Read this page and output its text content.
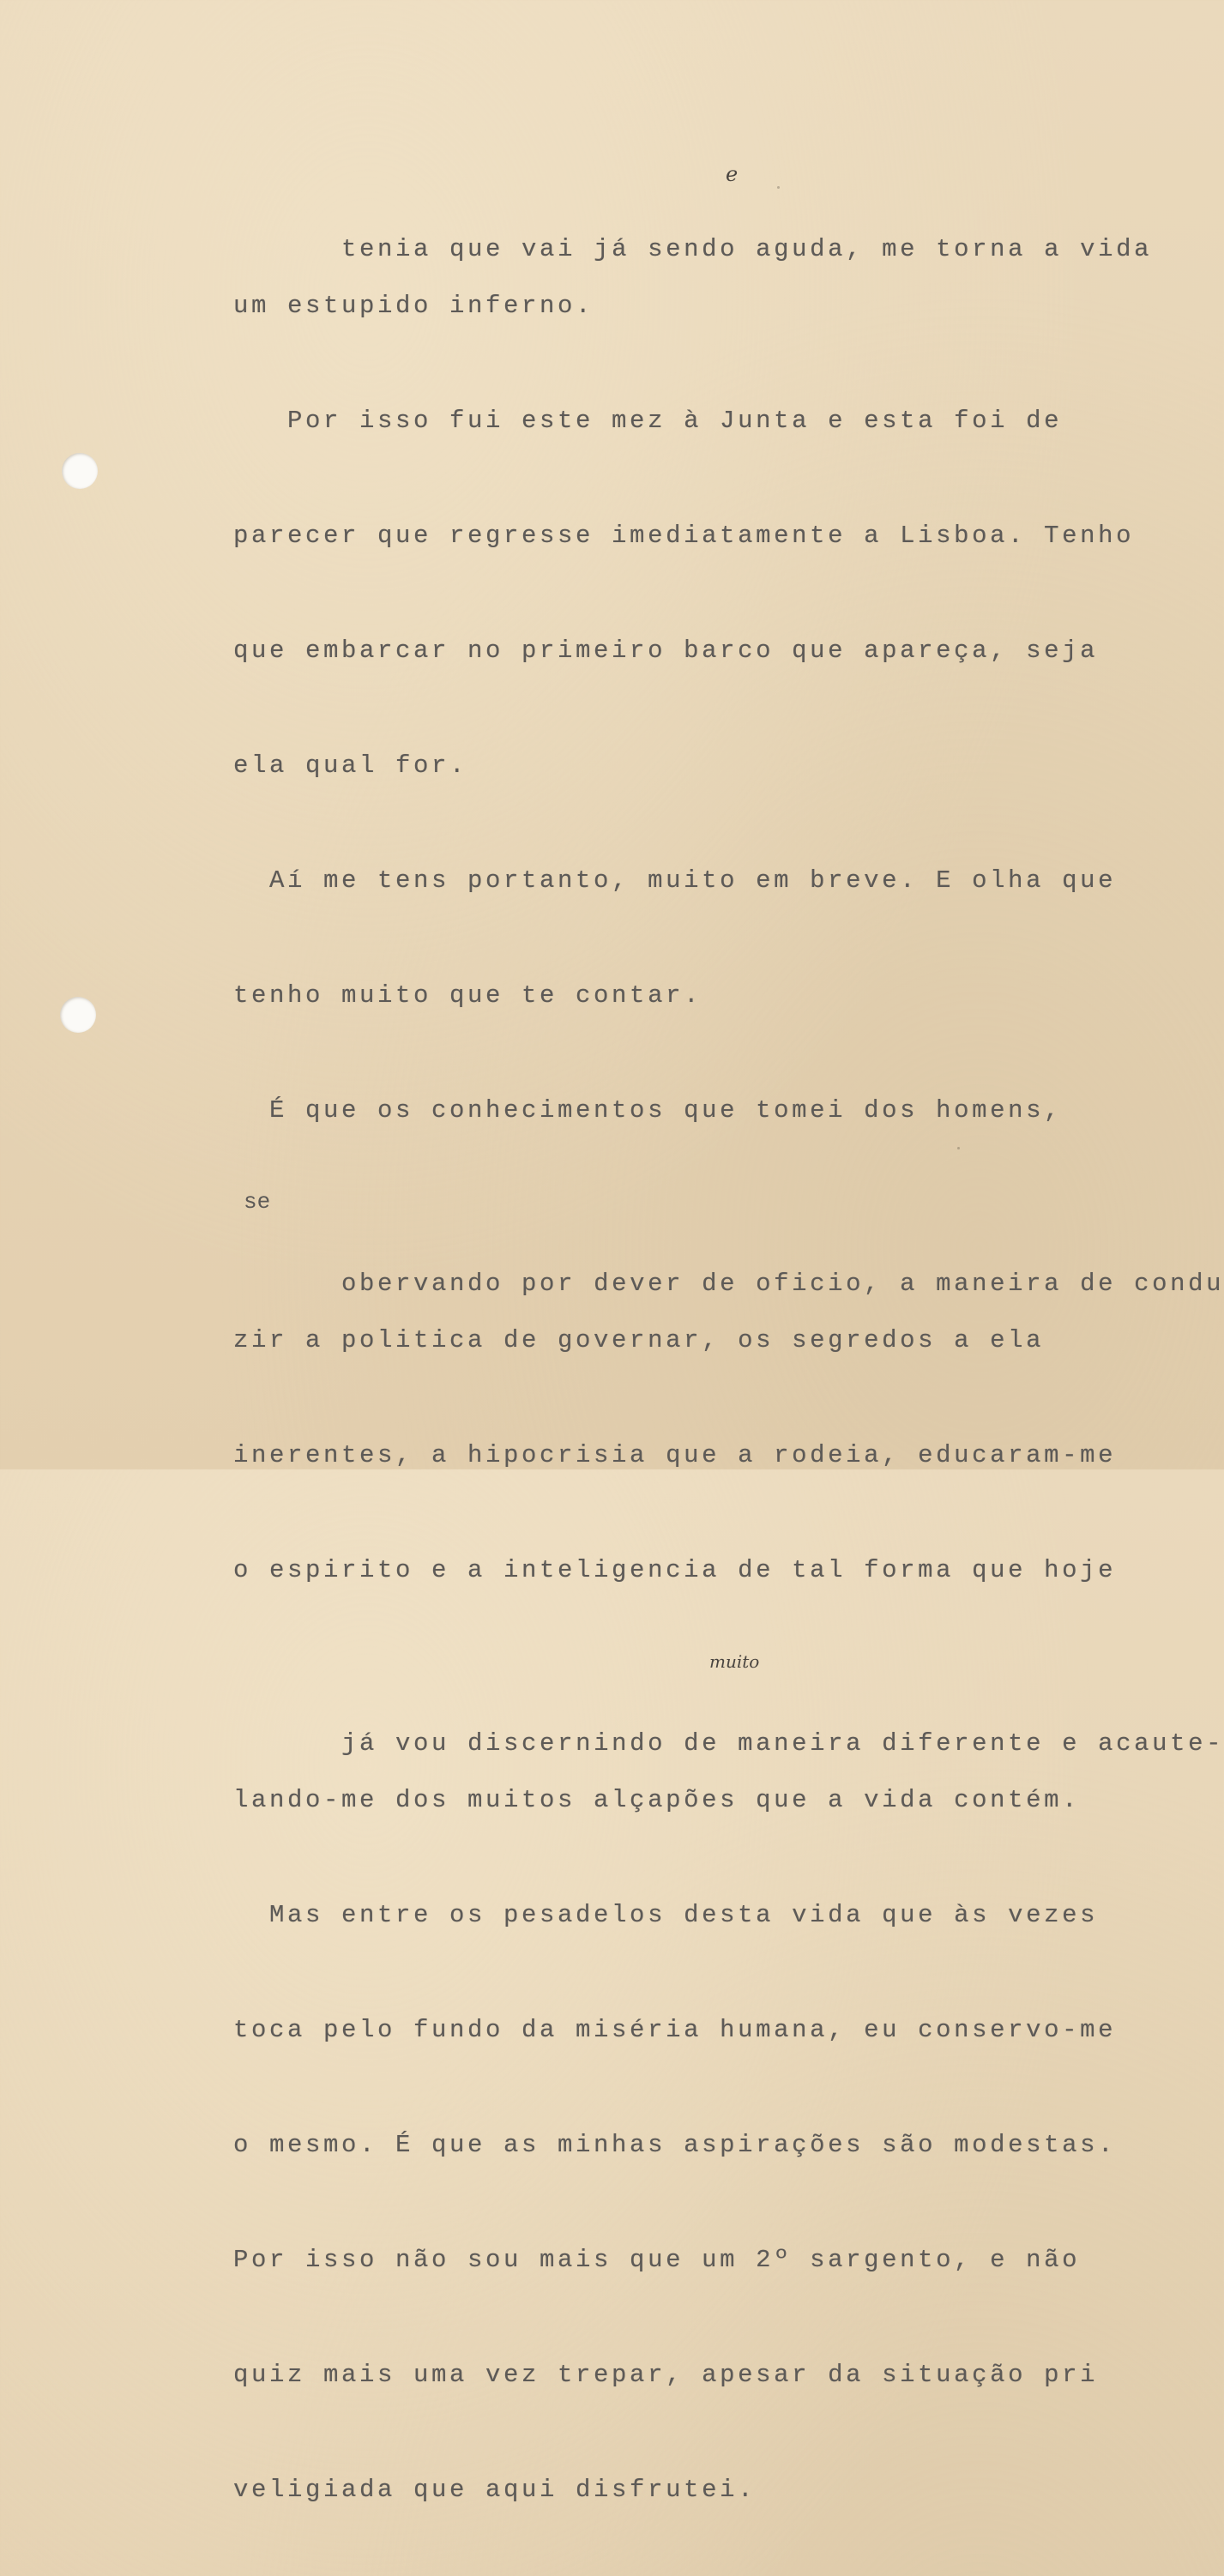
tenia que vai já sendo aguda, me torna a vida

e

um estupido inferno.

Por isso fui este mez à Junta e esta foi de

parecer que regresse imediatamente a Lisboa. Tenho

que embarcar no primeiro barco que apareça, seja

ela qual for.

Aí me tens portanto, muito em breve. E olha que

tenho muito que te contar.

É que os conhecimentos que tomei dos homens,

obervando por dever de oficio, a maneira de condu

se

zir a politica de governar, os segredos a ela

inerentes, a hipocrisia que a rodeia, educaram-me

o espirito e a inteligencia de tal forma que hoje

já vou discernindo de maneira diferente e acaute-

muito

lando-me dos muitos alçapões que a vida contém.

Mas entre os pesadelos desta vida que às vezes

toca pelo fundo da miséria humana, eu conservo-me

o mesmo. É que as minhas aspirações são modestas.

Por isso não sou mais que um 2º sargento, e não

quiz mais uma vez trepar, apesar da situação pri

veligiada que aqui disfrutei.
